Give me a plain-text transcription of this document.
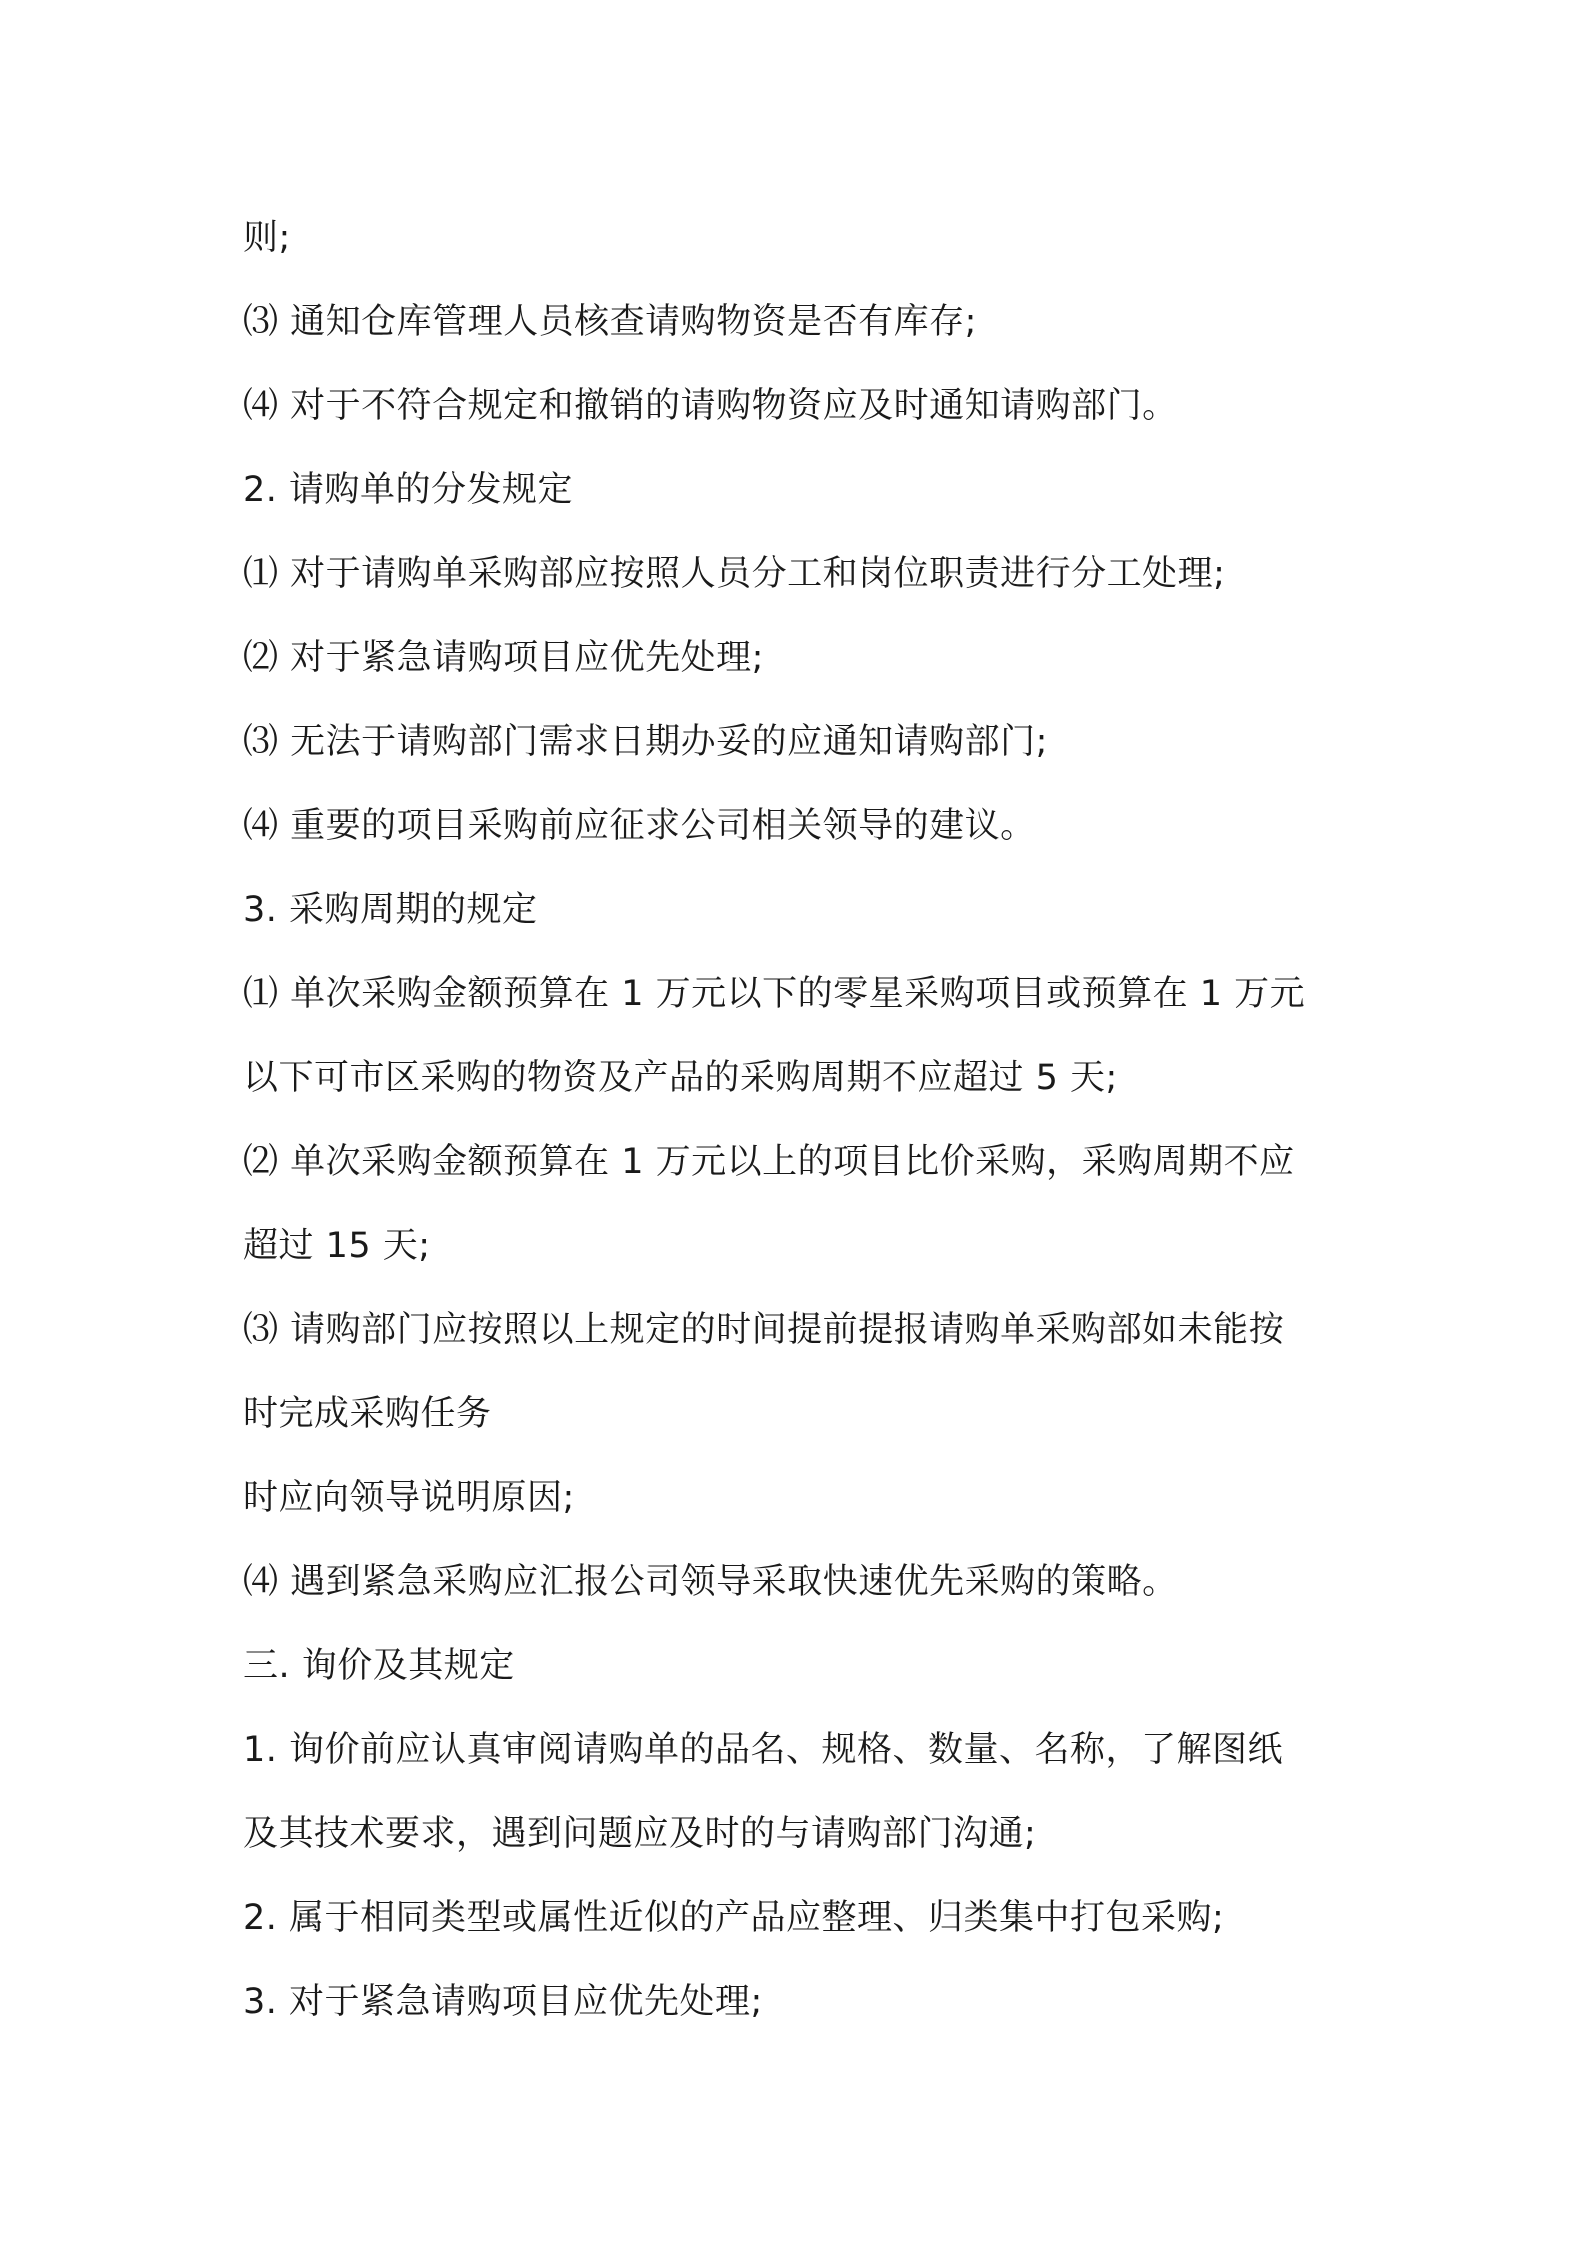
则;
⑶ 通知仓库管理人员核查请购物资是否有库存;
⑷ 对于不符合规定和撤销的请购物资应及时通知请购部门。
2. 请购单的分发规定
⑴ 对于请购单采购部应按照人员分工和岗位职责进行分工处理;
⑵ 对于紧急请购项目应优先处理;
⑶ 无法于请购部门需求日期办妥的应通知请购部门;
⑷ 重要的项目采购前应征求公司相关领导的建议。
3. 采购周期的规定
⑴ 单次采购金额预算在 1 万元以下的零星采购项目或预算在 1 万元
以下可市区采购的物资及产品的采购周期不应超过 5 天;
⑵ 单次采购金额预算在 1 万元以上的项目比价采购，采购周期不应
超过 15 天;
⑶ 请购部门应按照以上规定的时间提前提报请购单采购部如未能按
时完成采购任务
时应向领导说明原因;
⑷ 遇到紧急采购应汇报公司领导采取快速优先采购的策略。
三. 询价及其规定
1. 询价前应认真审阅请购单的品名、规格、数量、名称，了解图纸
及其技术要求，遇到问题应及时的与请购部门沟通;
2. 属于相同类型或属性近似的产品应整理、归类集中打包采购;
3. 对于紧急请购项目应优先处理;
